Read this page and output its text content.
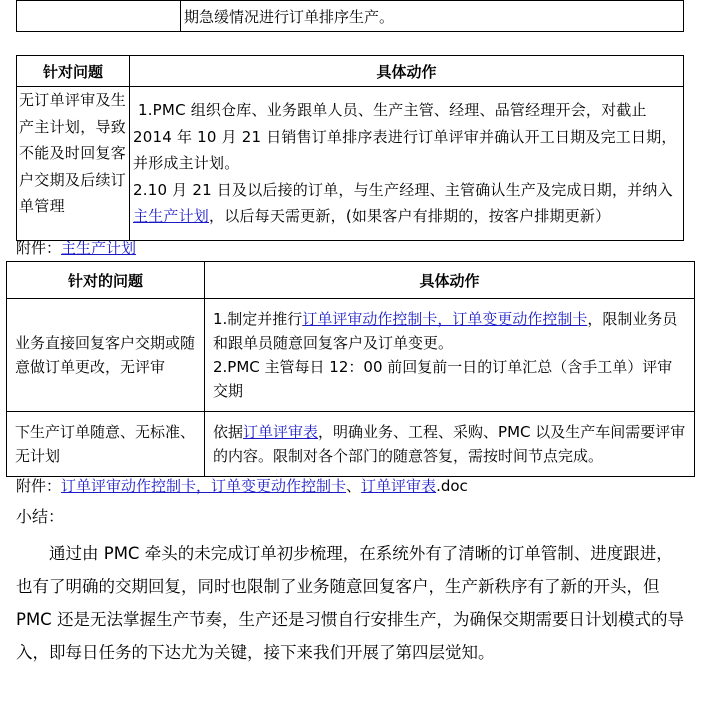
	期急缓情况进行订单排序生产。
针对问题	具体动作
无订单评审及生产主计划，导致不能及时回复客户交期及后续订单管理	1.PMC 组织仓库、业务跟单人员、生产主管、经理、品管经理开会，对截止 2014 年 10 月 21 日销售订单排序表进行订单评审并确认开工日期及完工日期，并形成主计划。

2.10 月 21 日及以后接的订单，与生产经理、主管确认生产及完成日期，并纳入主生产计划，以后每天需更新，(如果客户有排期的，按客户排期更新）

附件：主生产计划
针对的问题	具体动作
业务直接回复客户交期或随意做订单更改，无评审	1.制定并推行订单评审动作控制卡，订单变更动作控制卡，限制业务员和跟单员随意回复客户及订单变更。

2.PMC 主管每日 12：00 前回复前一日的订单汇总（含手工单）评审交期

下生产订单随意、无标准、无计划	依据订单评审表，明确业务、工程、采购、PMC 以及生产车间需要评审的内容。限制对各个部门的随意答复，需按时间节点完成。

附件：订单评审动作控制卡，订单变更动作控制卡、订单评审表.doc
小结：

通过由 PMC 牵头的未完成订单初步梳理，在系统外有了清晰的订单管制、进度跟进，也有了明确的交期回复，同时也限制了业务随意回复客户，生产新秩序有了新的开头，但 PMC 还是无法掌握生产节奏，生产还是习惯自行安排生产，为确保交期需要日计划模式的导入，即每日任务的下达尤为关键，接下来我们开展了第四层觉知。
